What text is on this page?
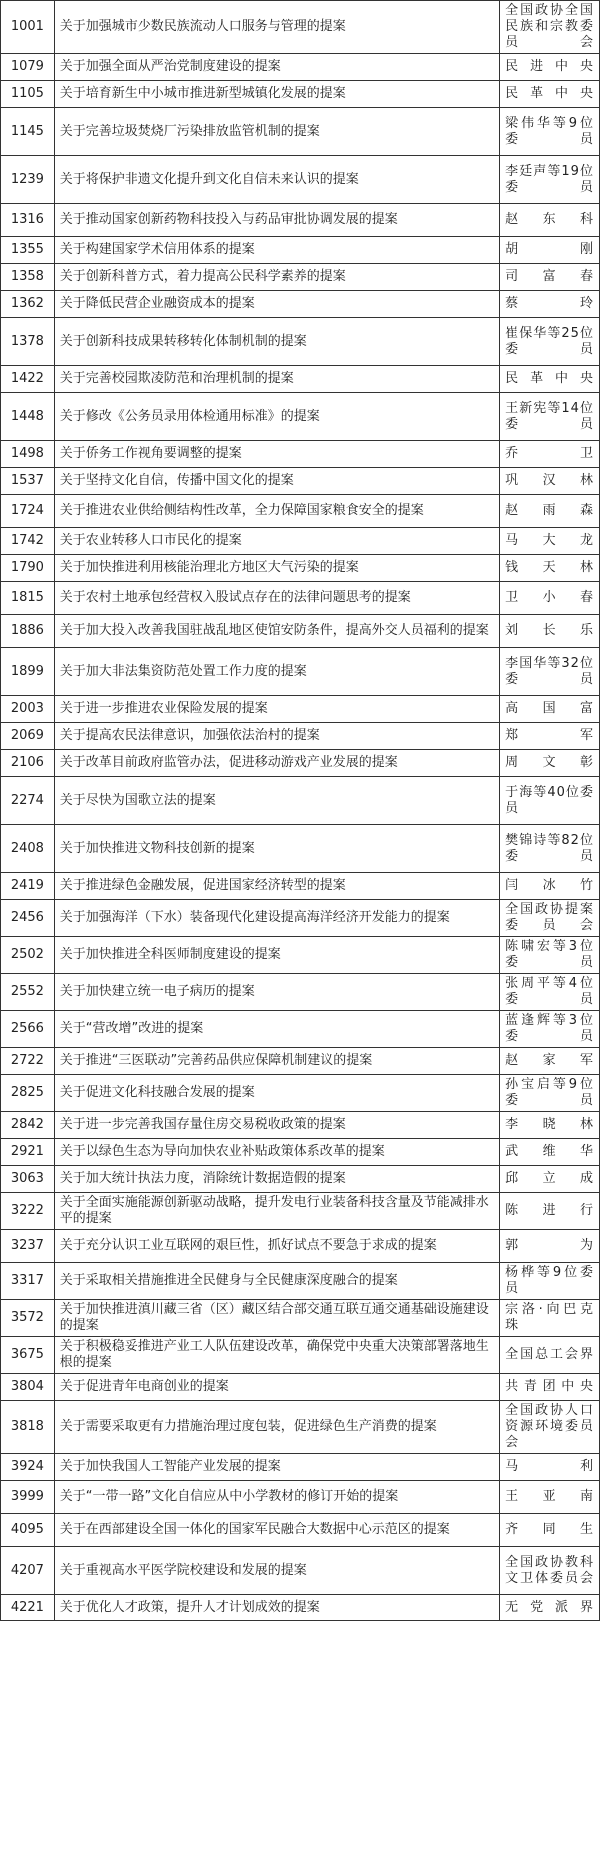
1001	关于加强城市少数民族流动人口服务与管理的提案	全国政协全国民族和宗教委员会
1079	关于加强全面从严治党制度建设的提案	民进中央
1105	关于培育新生中小城市推进新型城镇化发展的提案	民革中央
1145	关于完善垃圾焚烧厂污染排放监管机制的提案	梁伟华等9位委员
1239	关于将保护非遗文化提升到文化自信未来认识的提案	李廷声等19位委员
1316	关于推动国家创新药物科技投入与药品审批协调发展的提案	赵东科
1355	关于构建国家学术信用体系的提案	胡刚
1358	关于创新科普方式，着力提高公民科学素养的提案	司富春
1362	关于降低民营企业融资成本的提案	蔡玲
1378	关于创新科技成果转移转化体制机制的提案	崔保华等25位委员
1422	关于完善校园欺凌防范和治理机制的提案	民革中央
1448	关于修改《公务员录用体检通用标准》的提案	王新宪等14位委员
1498	关于侨务工作视角要调整的提案	乔卫
1537	关于坚持文化自信，传播中国文化的提案	巩汉林
1724	关于推进农业供给侧结构性改革，全力保障国家粮食安全的提案	赵雨森
1742	关于农业转移人口市民化的提案	马大龙
1790	关于加快推进利用核能治理北方地区大气污染的提案	钱天林
1815	关于农村土地承包经营权入股试点存在的法律问题思考的提案	卫小春
1886	关于加大投入改善我国驻战乱地区使馆安防条件，提高外交人员福利的提案	刘长乐
1899	关于加大非法集资防范处置工作力度的提案	李国华等32位委员
2003	关于进一步推进农业保险发展的提案	高国富
2069	关于提高农民法律意识，加强依法治村的提案	郑军
2106	关于改革目前政府监管办法，促进移动游戏产业发展的提案	周文彰
2274	关于尽快为国歌立法的提案	于海等40位委员
2408	关于加快推进文物科技创新的提案	樊锦诗等82位委员
2419	关于推进绿色金融发展，促进国家经济转型的提案	闫冰竹
2456	关于加强海洋（下水）装备现代化建设提高海洋经济开发能力的提案	全国政协提案委员会
2502	关于加快推进全科医师制度建设的提案	陈啸宏等3位委员
2552	关于加快建立统一电子病历的提案	张周平等4位委员
2566	关于“营改增”改进的提案	蓝逢辉等3位委员
2722	关于推进“三医联动”完善药品供应保障机制建议的提案	赵家军
2825	关于促进文化科技融合发展的提案	孙宝启等9位委员
2842	关于进一步完善我国存量住房交易税收政策的提案	李晓林
2921	关于以绿色生态为导向加快农业补贴政策体系改革的提案	武维华
3063	关于加大统计执法力度，消除统计数据造假的提案	邱立成
3222	关于全面实施能源创新驱动战略，提升发电行业装备科技含量及节能减排水平的提案	陈进行
3237	关于充分认识工业互联网的艰巨性，抓好试点不要急于求成的提案	郭为
3317	关于采取相关措施推进全民健身与全民健康深度融合的提案	杨桦等9位委员
3572	关于加快推进滇川藏三省（区）藏区结合部交通互联互通交通基础设施建设的提案	宗洛·向巴克珠
3675	关于积极稳妥推进产业工人队伍建设改革，确保党中央重大决策部署落地生根的提案	全国总工会界
3804	关于促进青年电商创业的提案	共青团中央
3818	关于需要采取更有力措施治理过度包装，促进绿色生产消费的提案	全国政协人口资源环境委员会
3924	关于加快我国人工智能产业发展的提案	马利
3999	关于“一带一路”文化自信应从中小学教材的修订开始的提案	王亚南
4095	关于在西部建设全国一体化的国家军民融合大数据中心示范区的提案	齐同生
4207	关于重视高水平医学院校建设和发展的提案	全国政协教科文卫体委员会
4221	关于优化人才政策，提升人才计划成效的提案	无党派界
